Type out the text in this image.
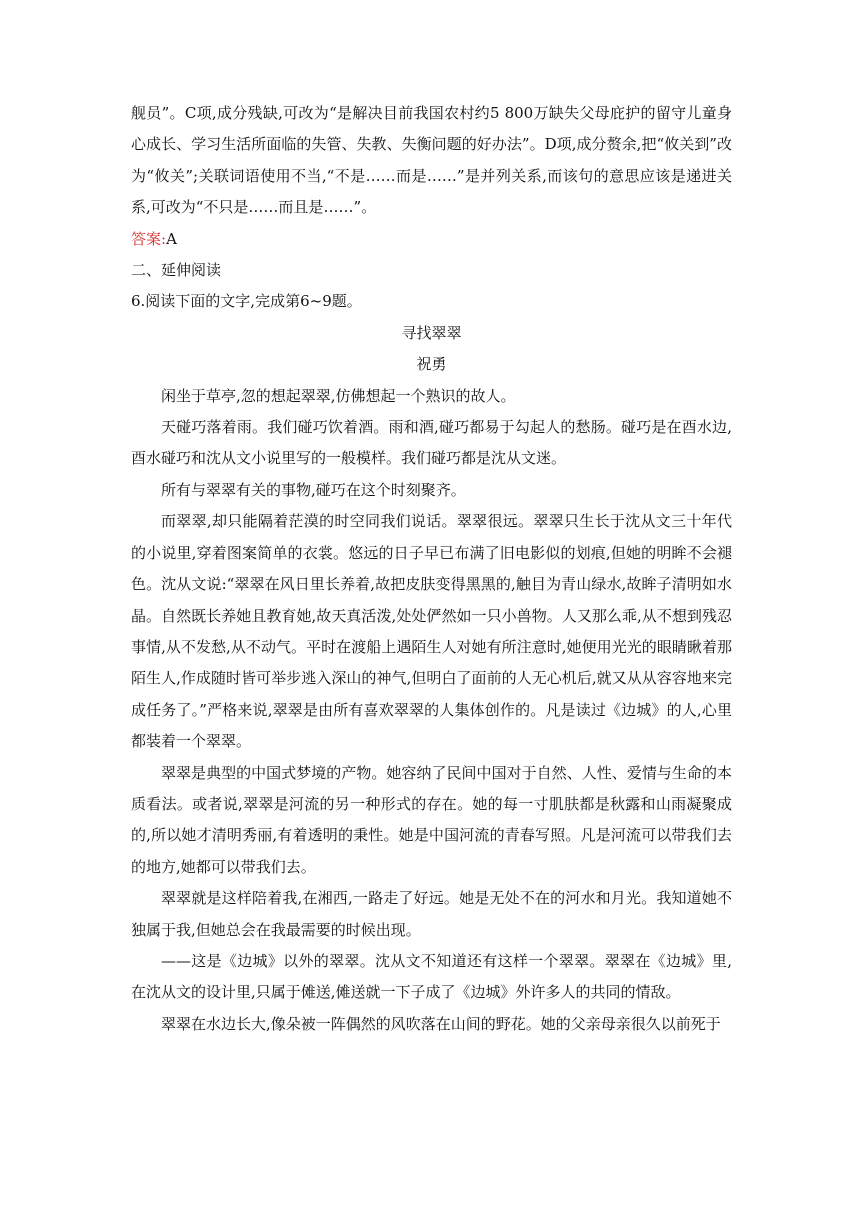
舰员”。C项,成分残缺,可改为“是解决目前我国农村约5 800万缺失父母庇护的留守儿童身心成长、学习生活所面临的失管、失教、失衡问题的好办法”。D项,成分赘余,把“攸关到”改为“攸关”;关联词语使用不当,“不是……而是……”是并列关系,而该句的意思应该是递进关系,可改为“不只是……而且是……”。

答案:A

二、延伸阅读

6.阅读下面的文字,完成第6~9题。

寻找翠翠

祝勇

闲坐于草亭,忽的想起翠翠,仿佛想起一个熟识的故人。

天碰巧落着雨。我们碰巧饮着酒。雨和酒,碰巧都易于勾起人的愁肠。碰巧是在酉水边,酉水碰巧和沈从文小说里写的一般模样。我们碰巧都是沈从文迷。

所有与翠翠有关的事物,碰巧在这个时刻聚齐。

而翠翠,却只能隔着茫漠的时空同我们说话。翠翠很远。翠翠只生长于沈从文三十年代的小说里,穿着图案简单的衣裳。悠远的日子早已布满了旧电影似的划痕,但她的明眸不会褪色。沈从文说:“翠翠在风日里长养着,故把皮肤变得黑黑的,触目为青山绿水,故眸子清明如水晶。自然既长养她且教育她,故天真活泼,处处俨然如一只小兽物。人又那么乖,从不想到残忍事情,从不发愁,从不动气。平时在渡船上遇陌生人对她有所注意时,她便用光光的眼睛瞅着那陌生人,作成随时皆可举步逃入深山的神气,但明白了面前的人无心机后,就又从从容容地来完成任务了。”严格来说,翠翠是由所有喜欢翠翠的人集体创作的。凡是读过《边城》的人,心里都装着一个翠翠。

翠翠是典型的中国式梦境的产物。她容纳了民间中国对于自然、人性、爱情与生命的本质看法。或者说,翠翠是河流的另一种形式的存在。她的每一寸肌肤都是秋露和山雨凝聚成的,所以她才清明秀丽,有着透明的秉性。她是中国河流的青春写照。凡是河流可以带我们去的地方,她都可以带我们去。

翠翠就是这样陪着我,在湘西,一路走了好远。她是无处不在的河水和月光。我知道她不独属于我,但她总会在我最需要的时候出现。

——这是《边城》以外的翠翠。沈从文不知道还有这样一个翠翠。翠翠在《边城》里,在沈从文的设计里,只属于傩送,傩送就一下子成了《边城》外许多人的共同的情敌。

翠翠在水边长大,像朵被一阵偶然的风吹落在山间的野花。她的父亲母亲很久以前死于
